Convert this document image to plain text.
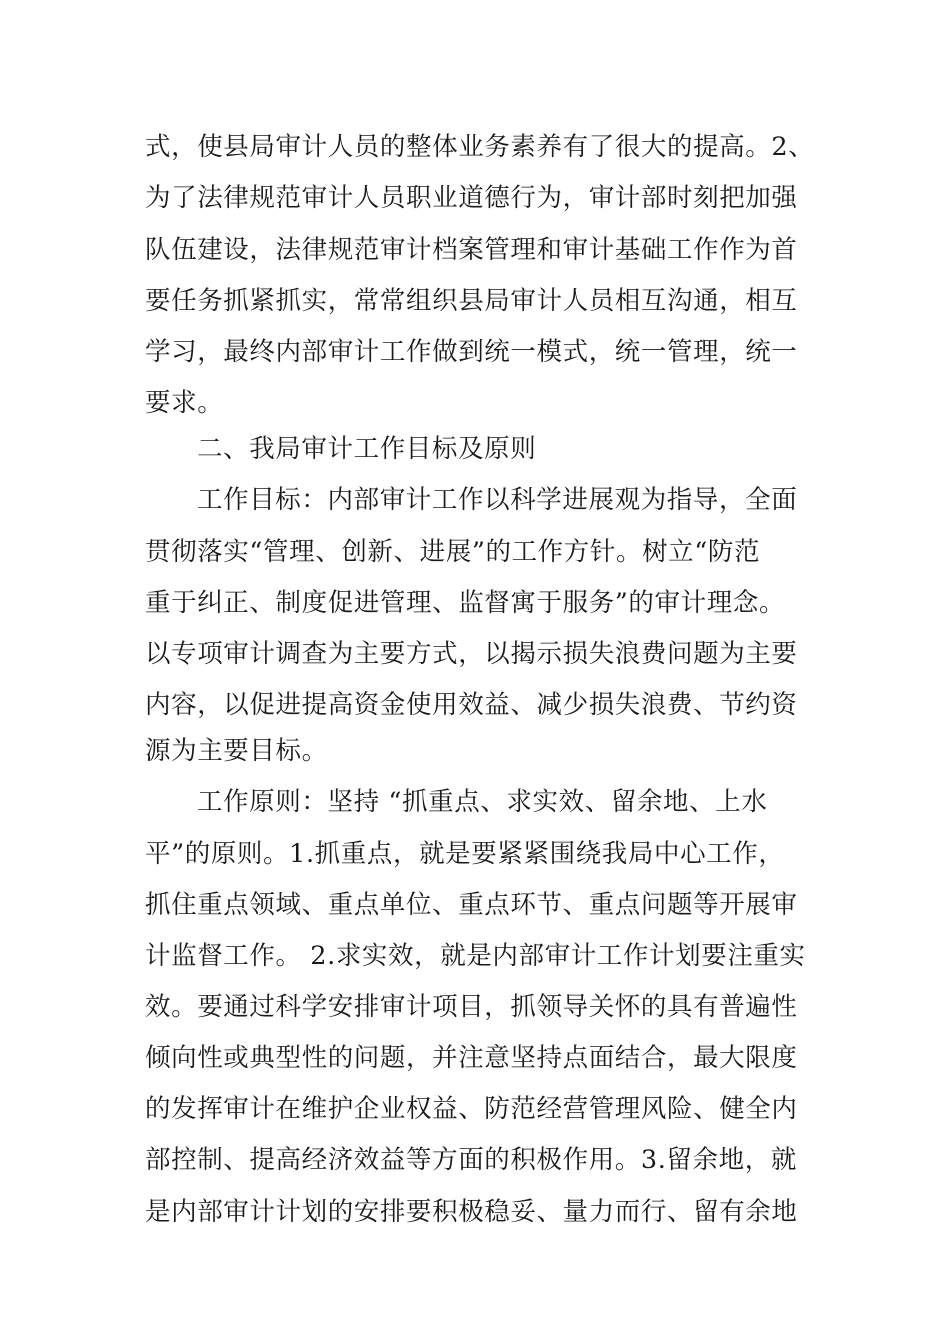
式，使县局审计人员的整体业务素养有了很大的提高。2、
为了法律规范审计人员职业道德行为，审计部时刻把加强
队伍建设，法律规范审计档案管理和审计基础工作作为首
要任务抓紧抓实，常常组织县局审计人员相互沟通，相互
学习，最终内部审计工作做到统一模式，统一管理，统一
要求。
二、我局审计工作目标及原则
工作目标：内部审计工作以科学进展观为指导，全面
贯彻落实“管理、创新、进展”的工作方针。树立“防范
重于纠正、制度促进管理、监督寓于服务”的审计理念。
以专项审计调查为主要方式，以揭示损失浪费问题为主要
内容，以促进提高资金使用效益、减少损失浪费、节约资
源为主要目标。
工作原则：坚持 “抓重点、求实效、留余地、上水
平”的原则。1.抓重点，就是要紧紧围绕我局中心工作，
抓住重点领域、重点单位、重点环节、重点问题等开展审
计监督工作。 2.求实效，就是内部审计工作计划要注重实
效。要通过科学安排审计项目，抓领导关怀的具有普遍性
倾向性或典型性的问题，并注意坚持点面结合，最大限度
的发挥审计在维护企业权益、防范经营管理风险、健全内
部控制、提高经济效益等方面的积极作用。3.留余地，就
是内部审计计划的安排要积极稳妥、量力而行、留有余地
